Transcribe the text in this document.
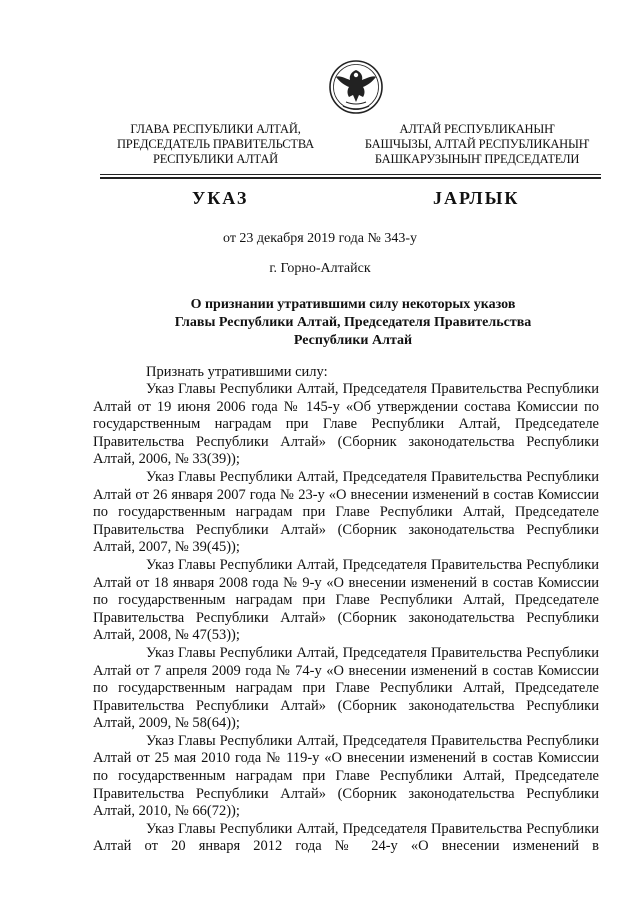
ГЛАВА РЕСПУБЛИКИ АЛТАЙ,
ПРЕДСЕДАТЕЛЬ ПРАВИТЕЛЬСТВА
РЕСПУБЛИКИ АЛТАЙ
АЛТАЙ РЕСПУБЛИКАНЫҤ
БАШЧЫЗЫ, АЛТАЙ РЕСПУБЛИКАНЫҤ
БАШКАРУЗЫНЫҤ ПРЕДСЕДАТЕЛИ
УКАЗ	ЈАРЛЫК
от 23 декабря 2019 года № 343-у
г. Горно-Алтайск
О признании утратившими силу некоторых указов
Главы Республики Алтай, Председателя Правительства
Республики Алтай
Признать утратившими силу:

Указ Главы Республики Алтай, Председателя Правительства Республики Алтай от 19 июня 2006 года № 145-у «Об утверждении состава Комиссии по государственным наградам при Главе Республики Алтай, Председателе Правительства Республики Алтай» (Сборник законодательства Республики Алтай, 2006, № 33(39));

Указ Главы Республики Алтай, Председателя Правительства Республики Алтай от 26 января 2007 года № 23-у «О внесении изменений в состав Комиссии по государственным наградам при Главе Республики Алтай, Председателе Правительства Республики Алтай» (Сборник законодательства Республики Алтай, 2007, № 39(45));

Указ Главы Республики Алтай, Председателя Правительства Республики Алтай от 18 января 2008 года № 9-у «О внесении изменений в состав Комиссии по государственным наградам при Главе Республики Алтай, Председателе Правительства Республики Алтай» (Сборник законодательства Республики Алтай, 2008, № 47(53));

Указ Главы Республики Алтай, Председателя Правительства Республики Алтай от 7 апреля 2009 года № 74-у «О внесении изменений в состав Комиссии по государственным наградам при Главе Республики Алтай, Председателе Правительства Республики Алтай» (Сборник законодательства Республики Алтай, 2009, № 58(64));

Указ Главы Республики Алтай, Председателя Правительства Республики Алтай от 25 мая 2010 года № 119-у «О внесении изменений в состав Комиссии по государственным наградам при Главе Республики Алтай, Председателе Правительства Республики Алтай» (Сборник законодательства Республики Алтай, 2010, № 66(72));

Указ Главы Республики Алтай, Председателя Правительства Республики Алтай от 20 января 2012 года № 24-у «О внесении изменений в
